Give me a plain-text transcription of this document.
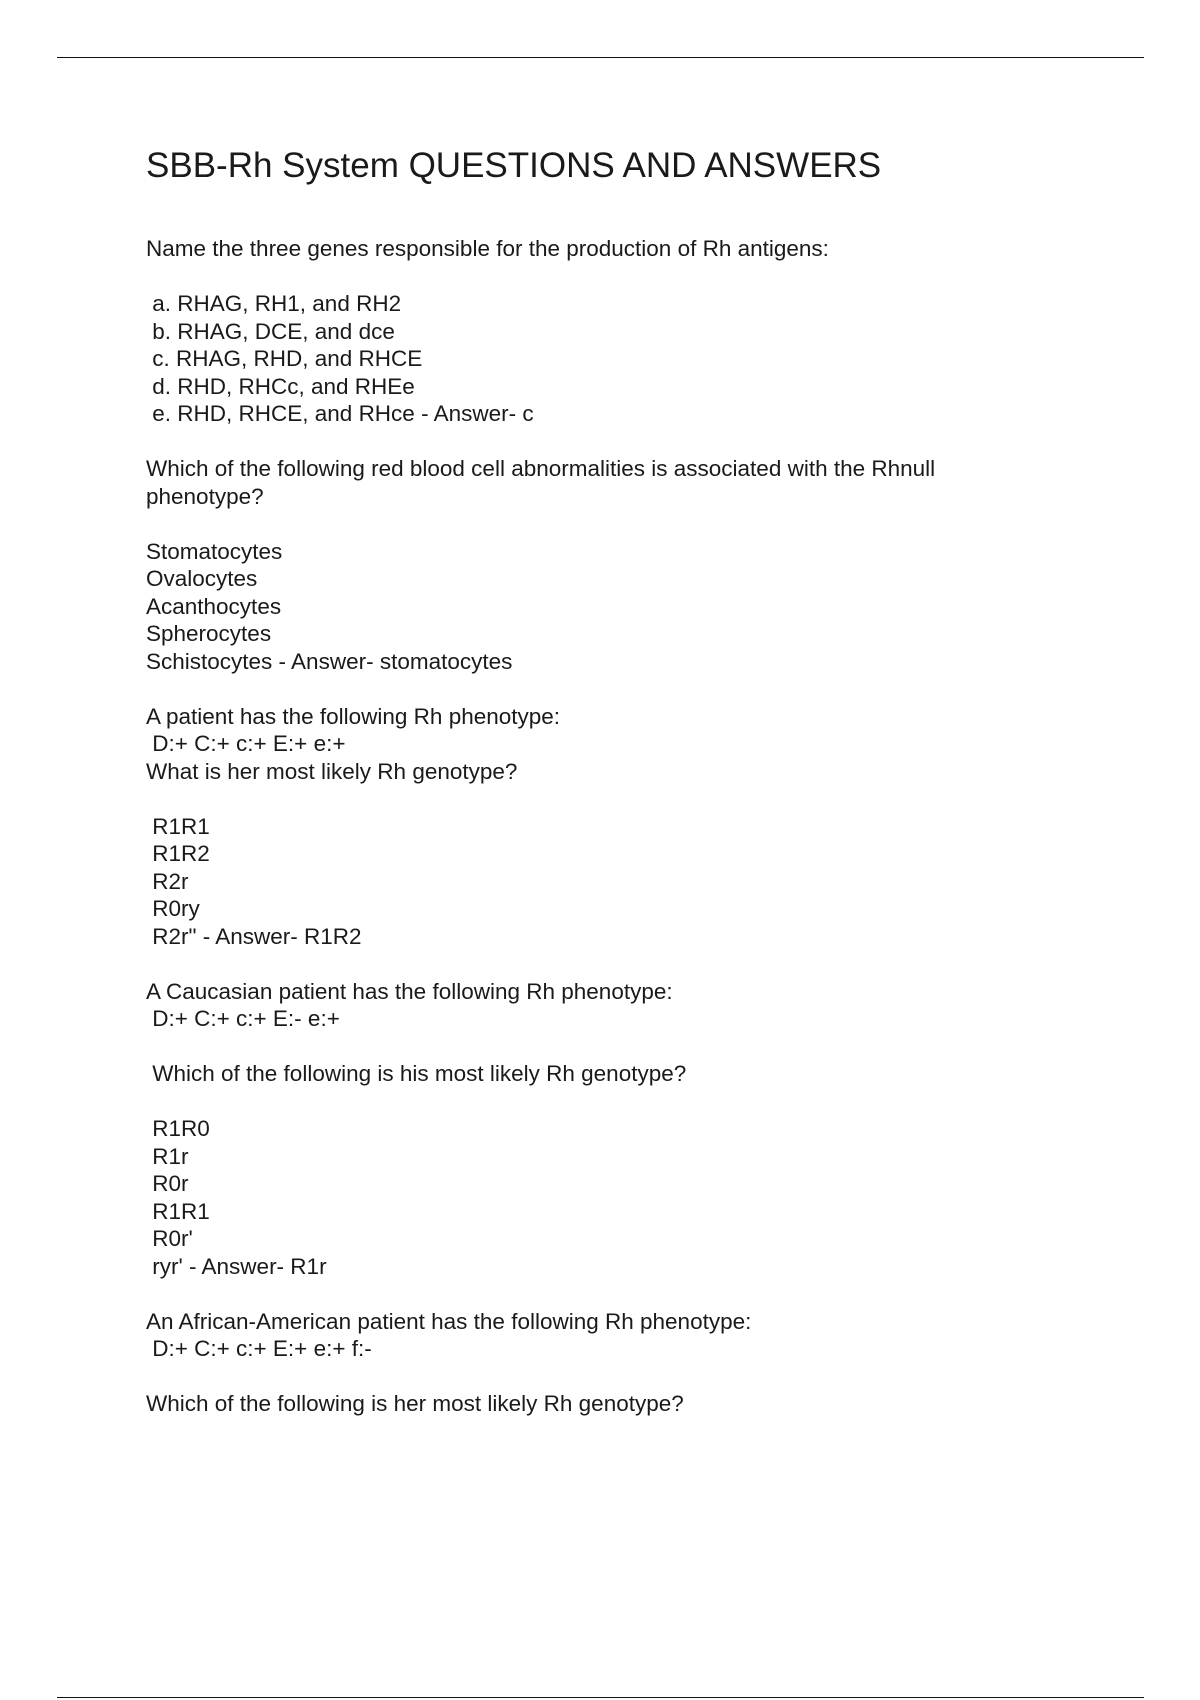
SBB-Rh System QUESTIONS AND ANSWERS
Name the three genes responsible for the production of Rh antigens:
a. RHAG, RH1, and RH2
b. RHAG, DCE, and dce
c. RHAG, RHD, and RHCE
d. RHD, RHCc, and RHEe
e. RHD, RHCE, and RHce - Answer- c
Which of the following red blood cell abnormalities is associated with the Rhnull
phenotype?
Stomatocytes
Ovalocytes
Acanthocytes
Spherocytes
Schistocytes - Answer- stomatocytes
A patient has the following Rh phenotype:
D:+ C:+ c:+ E:+ e:+
What is her most likely Rh genotype?
R1R1
R1R2
R2r
R0ry
R2r" - Answer- R1R2
A Caucasian patient has the following Rh phenotype:
D:+ C:+ c:+ E:- e:+
Which of the following is his most likely Rh genotype?
R1R0
R1r
R0r
R1R1
R0r'
ryr' - Answer- R1r
An African-American patient has the following Rh phenotype:
D:+ C:+ c:+ E:+ e:+ f:-
Which of the following is her most likely Rh genotype?
